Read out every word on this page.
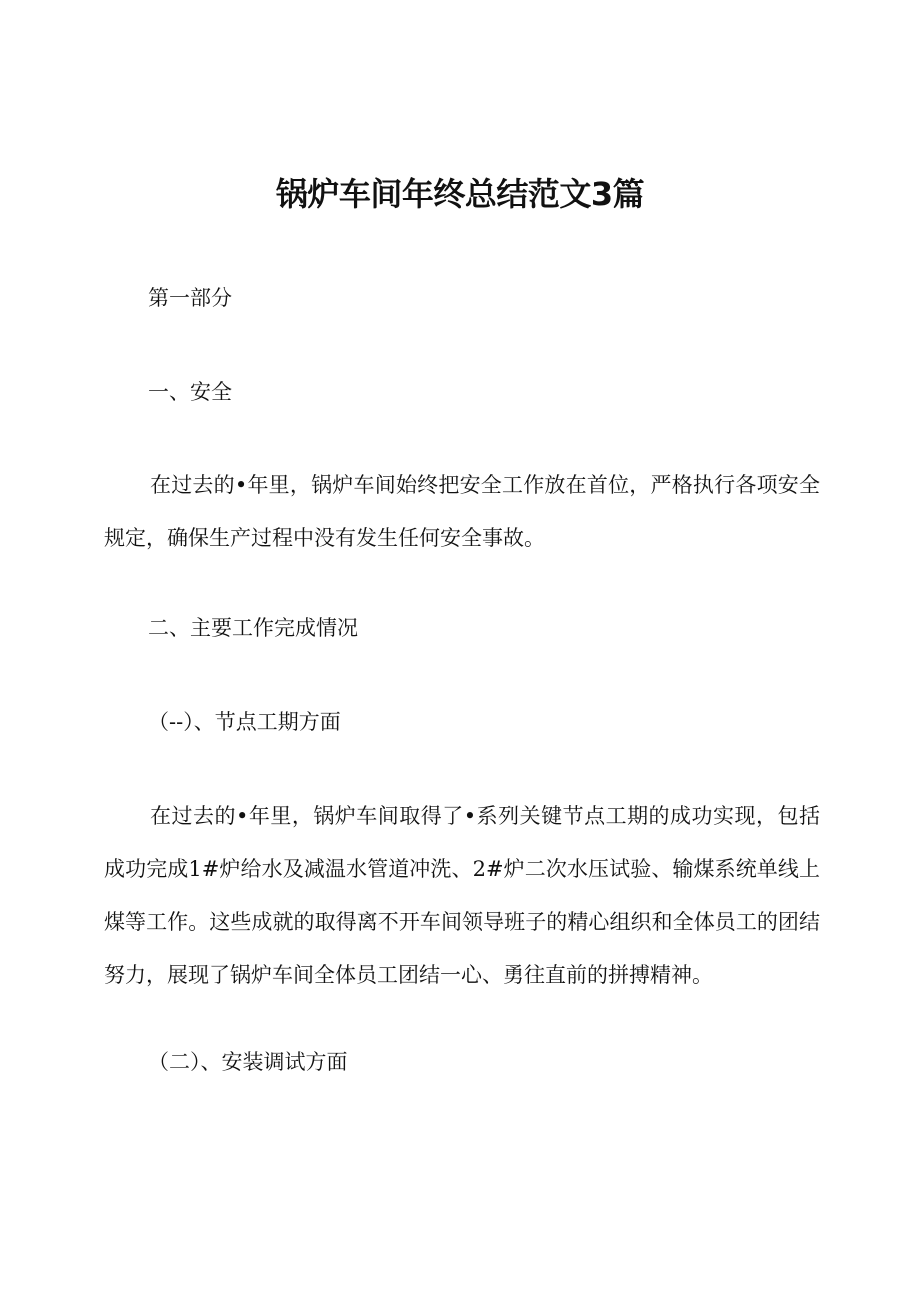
锅炉车间年终总结范文3篇
第一部分
一、安全
在过去的•年里，锅炉车间始终把安全工作放在首位，严格执行各项安全规定，确保生产过程中没有发生任何安全事故。
二、主要工作完成情况
（--）、节点工期方面
在过去的•年里，锅炉车间取得了•系列关键节点工期的成功实现，包括成功完成1#炉给水及减温水管道冲洗、2#炉二次水压试验、输煤系统单线上煤等工作。这些成就的取得离不开车间领导班子的精心组织和全体员工的团结努力，展现了锅炉车间全体员工团结一心、勇往直前的拼搏精神。
（二）、安装调试方面
